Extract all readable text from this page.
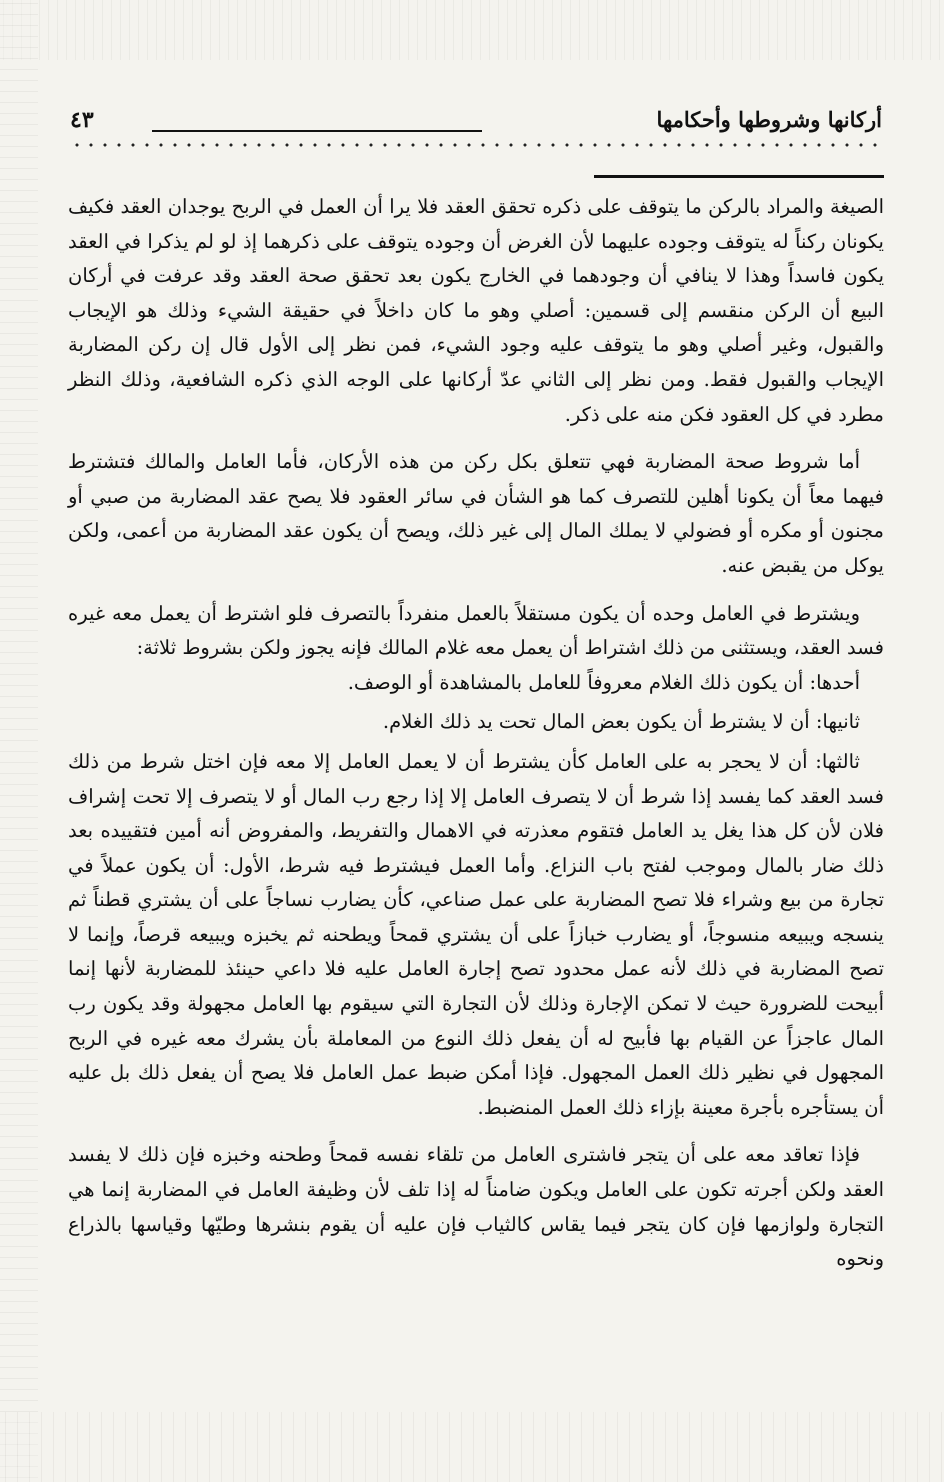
أركانها وشروطها وأحكامها
٤٣

الصيغة والمراد بالركن ما يتوقف على ذكره تحقق العقد فلا يرا أن العمل في الربح يوجدان العقد فكيف يكونان ركناً له يتوقف وجوده عليهما لأن الغرض أن وجوده يتوقف على ذكرهما إذ لو لم يذكرا في العقد يكون فاسداً وهذا لا ينافي أن وجودهما في الخارج يكون بعد تحقق صحة العقد وقد عرفت في أركان البيع أن الركن منقسم إلى قسمين: أصلي وهو ما كان داخلاً في حقيقة الشيء وذلك هو الإيجاب والقبول، وغير أصلي وهو ما يتوقف عليه وجود الشيء، فمن نظر إلى الأول قال إن ركن المضاربة الإيجاب والقبول فقط. ومن نظر إلى الثاني عدّ أركانها على الوجه الذي ذكره الشافعية، وذلك النظر مطرد في كل العقود فكن منه على ذكر.

أما شروط صحة المضاربة فهي تتعلق بكل ركن من هذه الأركان، فأما العامل والمالك فتشترط فيهما معاً أن يكونا أهلين للتصرف كما هو الشأن في سائر العقود فلا يصح عقد المضاربة من صبي أو مجنون أو مكره أو فضولي لا يملك المال إلى غير ذلك، ويصح أن يكون عقد المضاربة من أعمى، ولكن يوكل من يقبض عنه.

ويشترط في العامل وحده أن يكون مستقلاً بالعمل منفرداً بالتصرف فلو اشترط أن يعمل معه غيره فسد العقد، ويستثنى من ذلك اشتراط أن يعمل معه غلام المالك فإنه يجوز ولكن بشروط ثلاثة:

أحدها: أن يكون ذلك الغلام معروفاً للعامل بالمشاهدة أو الوصف.

ثانيها: أن لا يشترط أن يكون بعض المال تحت يد ذلك الغلام.

ثالثها: أن لا يحجر به على العامل كأن يشترط أن لا يعمل العامل إلا معه فإن اختل شرط من ذلك فسد العقد كما يفسد إذا شرط أن لا يتصرف العامل إلا إذا رجع رب المال أو لا يتصرف إلا تحت إشراف فلان لأن كل هذا يغل يد العامل فتقوم معذرته في الاهمال والتفريط، والمفروض أنه أمين فتقييده بعد ذلك ضار بالمال وموجب لفتح باب النزاع. وأما العمل فيشترط فيه شرط، الأول: أن يكون عملاً في تجارة من بيع وشراء فلا تصح المضاربة على عمل صناعي، كأن يضارب نساجاً على أن يشتري قطناً ثم ينسجه ويبيعه منسوجاً، أو يضارب خبازاً على أن يشتري قمحاً ويطحنه ثم يخبزه ويبيعه قرصاً، وإنما لا تصح المضاربة في ذلك لأنه عمل محدود تصح إجارة العامل عليه فلا داعي حينئذ للمضاربة لأنها إنما أبيحت للضرورة حيث لا تمكن الإجارة وذلك لأن التجارة التي سيقوم بها العامل مجهولة وقد يكون رب المال عاجزاً عن القيام بها فأبيح له أن يفعل ذلك النوع من المعاملة بأن يشرك معه غيره في الربح المجهول في نظير ذلك العمل المجهول. فإذا أمكن ضبط عمل العامل فلا يصح أن يفعل ذلك بل عليه أن يستأجره بأجرة معينة بإزاء ذلك العمل المنضبط.

فإذا تعاقد معه على أن يتجر فاشترى العامل من تلقاء نفسه قمحاً وطحنه وخبزه فإن ذلك لا يفسد العقد ولكن أجرته تكون على العامل ويكون ضامناً له إذا تلف لأن وظيفة العامل في المضاربة إنما هي التجارة ولوازمها فإن كان يتجر فيما يقاس كالثياب فإن عليه أن يقوم بنشرها وطيّها وقياسها بالذراع ونحوه
